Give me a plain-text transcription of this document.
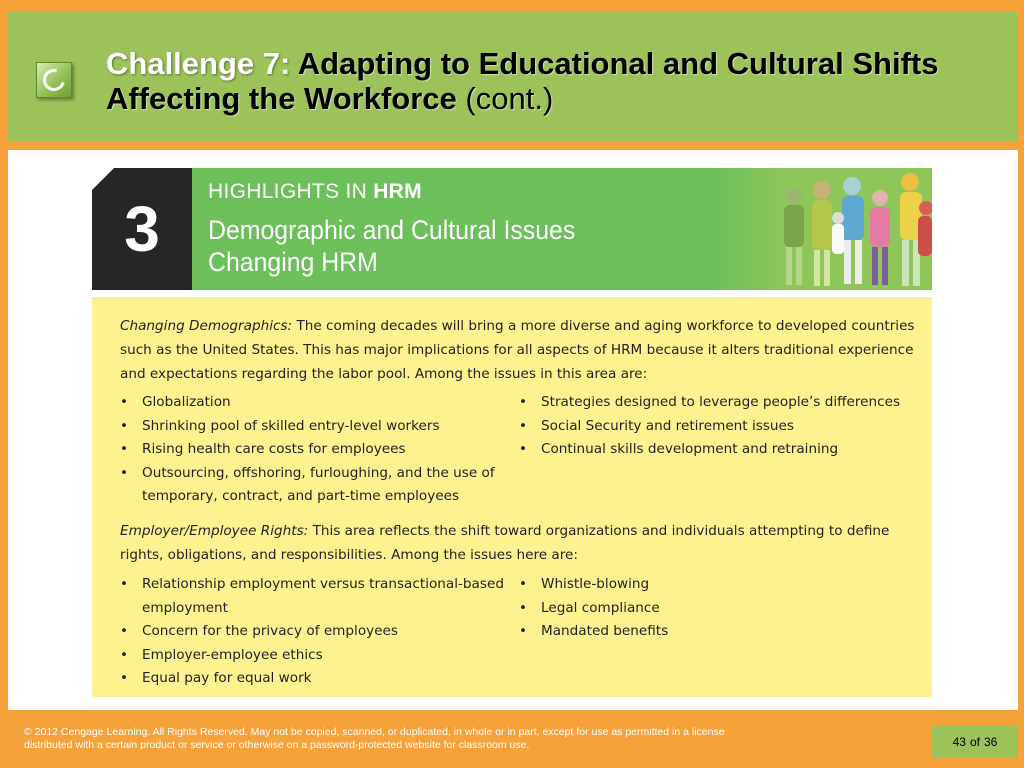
Challenge 7: Adapting to Educational and Cultural Shifts Affecting the Workforce (cont.)
3
HIGHLIGHTS IN HRM
Demographic and Cultural Issues Changing HRM

Changing Demographics: The coming decades will bring a more diverse and aging workforce to developed countries such as the United States. This has major implications for all aspects of HRM because it alters traditional experience and expectations regarding the labor pool. Among the issues in this area are:

• Globalization
• Shrinking pool of skilled entry-level workers
• Rising health care costs for employees
• Outsourcing, offshoring, furloughing, and the use of temporary, contract, and part-time employees
• Strategies designed to leverage people’s differences
• Social Security and retirement issues
• Continual skills development and retraining

Employer/Employee Rights: This area reflects the shift toward organizations and individuals attempting to define rights, obligations, and responsibilities. Among the issues here are:

• Relationship employment versus transactional-based employment
• Concern for the privacy of employees
• Employer-employee ethics
• Equal pay for equal work
• Whistle-blowing
• Legal compliance
• Mandated benefits
© 2012 Cengage Learning. All Rights Reserved. May not be copied, scanned, or duplicated, in whole or in part, except for use as permitted in a license distributed with a certain product or service or otherwise on a password-protected website for classroom use.	43 of 36
